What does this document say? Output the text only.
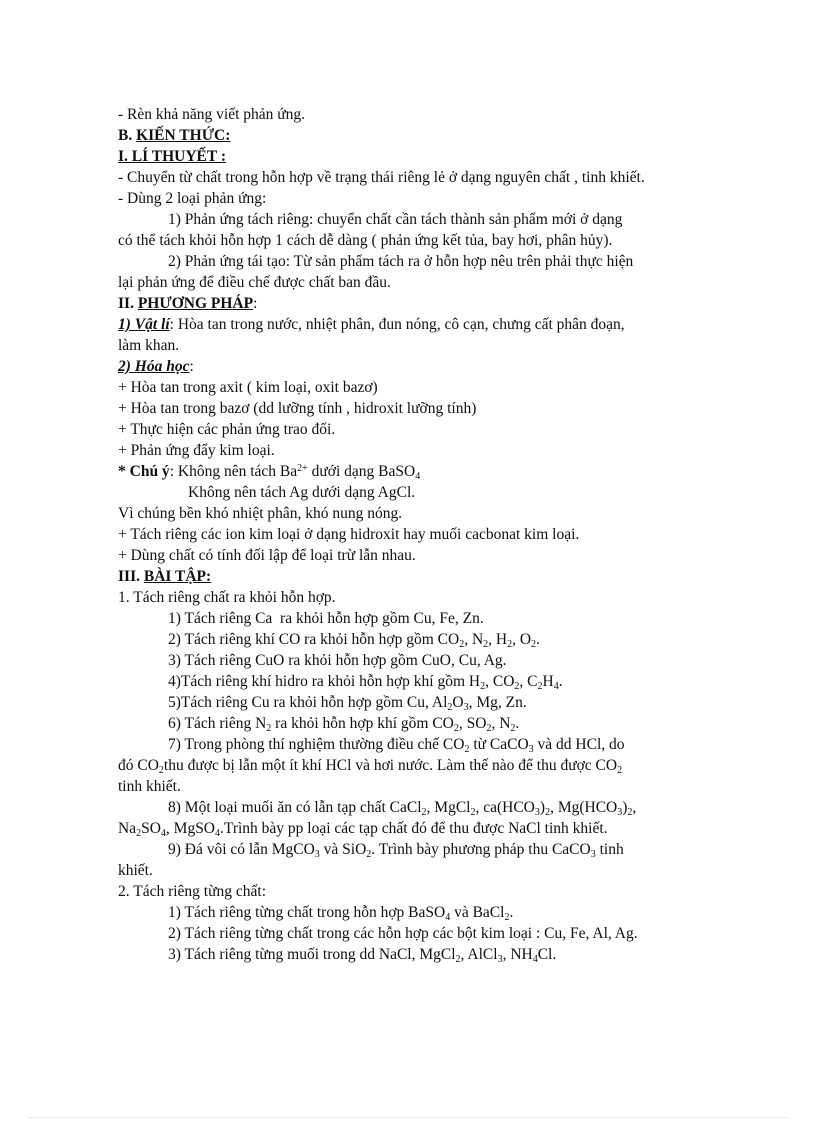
- Rèn khả năng viết phản ứng.
B. KIẾN THỨC:
I. LÍ THUYẾT :
- Chuyển từ chất trong hỗn hợp về trạng thái riêng lẻ ở dạng nguyên chất , tinh khiết.
- Dùng 2 loại phản ứng:
1) Phản ứng tách riêng: chuyển chất cần tách thành sản phẩm mới ở dạng
có thể tách khỏi hỗn hợp 1 cách dễ dàng ( phản ứng kết tủa, bay hơi, phân hủy).
2) Phản ứng tái tạo: Từ sản phẩm tách ra ở hỗn hợp nêu trên phải thực hiện
lại phản ứng để điều chế được chất ban đầu.
II. PHƯƠNG PHÁP:
1) Vật lí: Hòa tan trong nước, nhiệt phân, đun nóng, cô cạn, chưng cất phân đoạn,
làm khan.
2) Hóa học:
+ Hòa tan trong axit ( kim loại, oxit bazơ)
+ Hòa tan trong bazơ (dd lưỡng tính , hidroxit lưỡng tính)
+ Thực hiện các phản ứng trao đổi.
+ Phản ứng đẩy kim loại.
* Chú ý: Không nên tách $Ba^{2+}$ dưới dạng BaSO$_4$
Không nên tách Ag dưới dạng AgCl.
Vì chúng bền khó nhiệt phân, khó nung nóng.
+ Tách riêng các ion kim loại ở dạng hidroxit hay muối cacbonat kim loại.
+ Dùng chất có tính đối lập để loại trừ lẫn nhau.
III. BÀI TẬP:
1. Tách riêng chất ra khỏi hỗn hợp.
1) Tách riêng Ca  ra khỏi hỗn hợp gồm Cu, Fe, Zn.
2) Tách riêng khí CO ra khỏi hỗn hợp gồm $CO_2$, $N_2$, $H_2$, $O_2$.
3) Tách riêng CuO ra khỏi hỗn hợp gồm CuO, Cu, Ag.
4)Tách riêng khí hidro ra khỏi hỗn hợp khí gồm $H_2$, $CO_2$, $C_2H_4$.
5)Tách riêng Cu ra khỏi hỗn hợp gồm Cu, $Al_2O_3$, Mg, Zn.
6) Tách riêng $N_2$ ra khỏi hỗn hợp khí gồm $CO_2$, $SO_2$, $N_2$.
7) Trong phòng thí nghiệm thường điều chế $CO_2$ từ CaCO$_3$ và dd HCl, do
đó $CO_2thu$ được bị lẫn một ít khí HCl và hơi nước. Làm thế nào để thu được $CO_2$
tinh khiết.
8) Một loại muối ăn có lẫn tạp chất CaCl$_2$, MgCl$_2$, $ca(HCO_3)_2$, $Mg(HCO_3)_2$,
$Na_2SO_4$, MgSO$_4$.Trình bày pp loại các tạp chất đó để thu được NaCl tinh khiết.
9) Đá vôi có lẫn MgCO$_3$ và SiO$_2$. Trình bày phương pháp thu CaCO$_3$ tinh
khiết.
2. Tách riêng từng chất:
1) Tách riêng từng chất trong hỗn hợp BaSO$_4$ và BaCl$_2$.
2) Tách riêng từng chất trong các hỗn hợp các bột kim loại : Cu, Fe, Al, Ag.
3) Tách riêng từng muối trong dd NaCl, MgCl$_2$, AlCl$_3$, $NH_4Cl$.
